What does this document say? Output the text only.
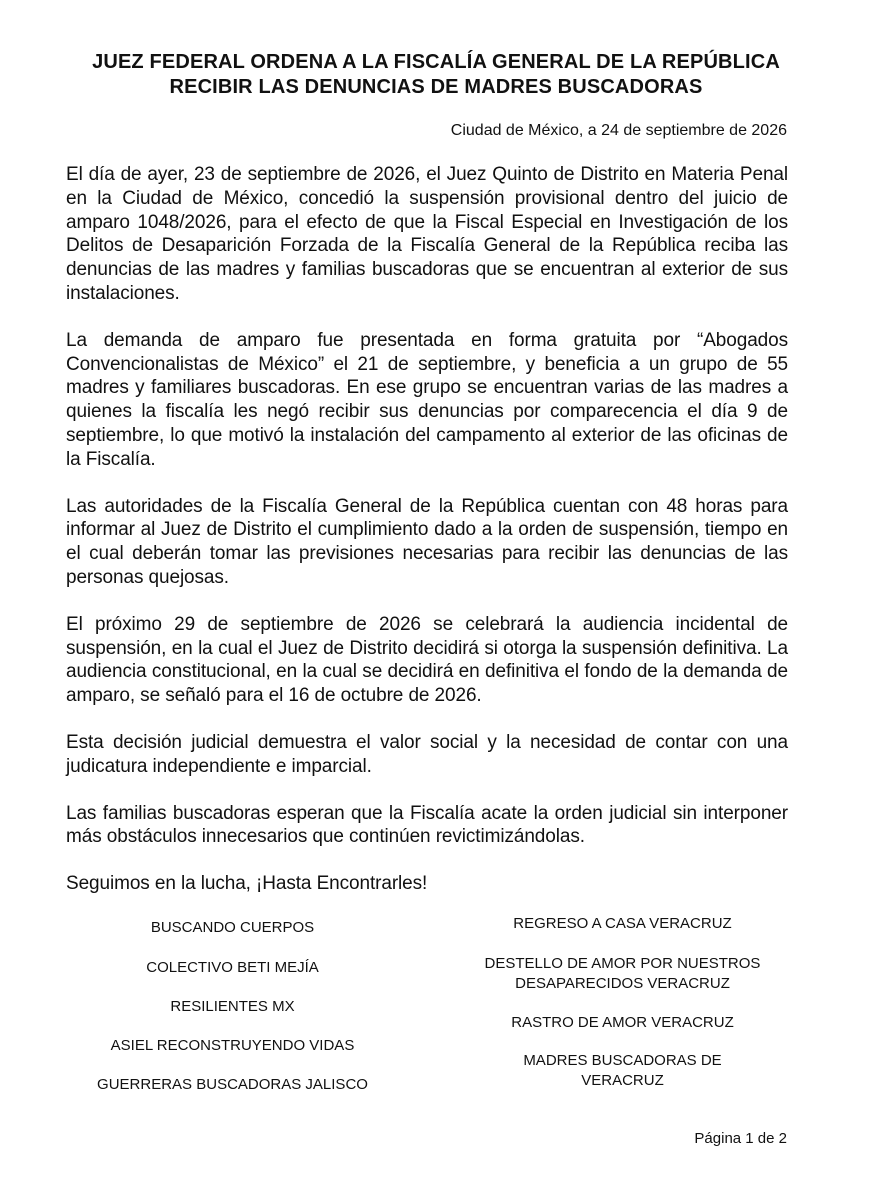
JUEZ FEDERAL ORDENA A LA FISCALÍA GENERAL DE LA REPÚBLICA
RECIBIR LAS DENUNCIAS DE MADRES BUSCADORAS
Ciudad de México, a 24 de septiembre de 2026

El día de ayer, 23 de septiembre de 2026, el Juez Quinto de Distrito en Materia Penal en la Ciudad de México, concedió la suspensión provisional dentro del juicio de amparo 1048/2026, para el efecto de que la Fiscal Especial en Investigación de los Delitos de Desaparición Forzada de la Fiscalía General de la República reciba las denuncias de las madres y familias buscadoras que se encuentran al exterior de sus instalaciones.

La demanda de amparo fue presentada en forma gratuita por “Abogados Convencionalistas de México” el 21 de septiembre, y beneficia a un grupo de 55 madres y familiares buscadoras. En ese grupo se encuentran varias de las madres a quienes la fiscalía les negó recibir sus denuncias por comparecencia el día 9 de septiembre, lo que motivó la instalación del campamento al exterior de las oficinas de la Fiscalía.

Las autoridades de la Fiscalía General de la República cuentan con 48 horas para informar al Juez de Distrito el cumplimiento dado a la orden de suspensión, tiempo en el cual deberán tomar las previsiones necesarias para recibir las denuncias de las personas quejosas.

El próximo 29 de septiembre de 2026 se celebrará la audiencia incidental de suspensión, en la cual el Juez de Distrito decidirá si otorga la suspensión definitiva. La audiencia constitucional, en la cual se decidirá en definitiva el fondo de la demanda de amparo, se señaló para el 16 de octubre de 2026.

Esta decisión judicial demuestra el valor social y la necesidad de contar con una judicatura independiente e imparcial.

Las familias buscadoras esperan que la Fiscalía acate la orden judicial sin interponer más obstáculos innecesarios que continúen revictimizándolas.

Seguimos en la lucha, ¡Hasta Encontrarles!

BUSCANDO CUERPOS
COLECTIVO BETI MEJÍA
RESILIENTES MX
ASIEL RECONSTRUYENDO VIDAS
GUERRERAS BUSCADORAS JALISCO
REGRESO A CASA VERACRUZ
DESTELLO DE AMOR POR NUESTROS
DESAPARECIDOS VERACRUZ
RASTRO DE AMOR VERACRUZ
MADRES BUSCADORAS DE
VERACRUZ
Página 1 de 2
